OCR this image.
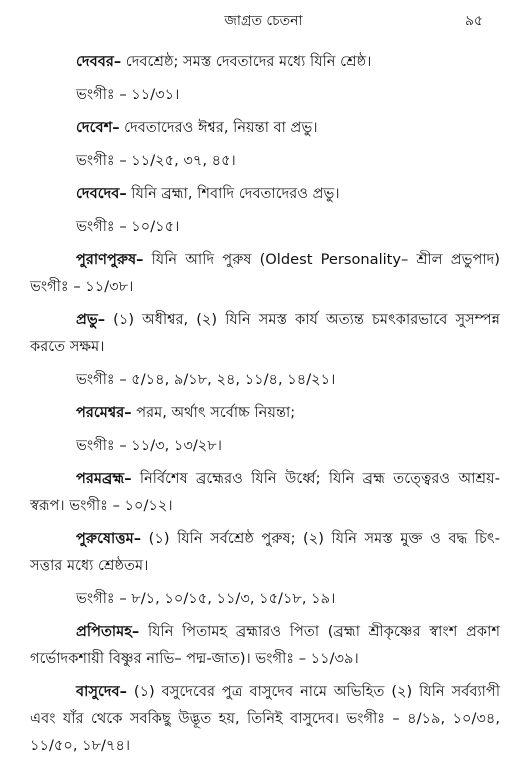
জাগ্রত চেতনা	৯৫

দেববর– দেবশ্রেষ্ঠ; সমস্ত দেবতাদের মধ্যে যিনি শ্রেষ্ঠ।

ভংগীঃ – ১১/৩১।

দেবেশ– দেবতাদেরও ঈশ্বর, নিয়ন্তা বা প্রভু।

ভংগীঃ – ১১/২৫, ৩৭, ৪৫।

দেবদেব– যিনি ব্রহ্মা, শিবাদি দেবতাদেরও প্রভু।

ভংগীঃ – ১০/১৫।

পুরাণপুরুষ– যিনি আদি পুরুষ (Oldest Personality– শ্রীল প্রভুপাদ) ভংগীঃ – ১১/৩৮।

প্রভু– (১) অধীশ্বর, (২) যিনি সমস্ত কার্য অত্যন্ত চমৎকারভাবে সুসম্পন্ন করতে সক্ষম।

ভংগীঃ – ৫/১৪, ৯/১৮, ২৪, ১১/৪, ১৪/২১।

পরমেশ্বর– পরম, অর্থাৎ সর্বোচ্চ নিয়ন্তা;

ভংগীঃ – ১১/৩, ১৩/২৮।

পরমব্রহ্ম– নির্বিশেষ ব্রহ্মেরও যিনি উর্ধ্বে; যিনি ব্রহ্ম তত্ত্বেরও আশ্রয়-স্বরূপ। ভংগীঃ – ১০/১২।

পুরুষোত্তম– (১) যিনি সর্বশ্রেষ্ঠ পুরুষ; (২) যিনি সমস্ত মুক্ত ও বদ্ধ চিৎ-সত্তার মধ্যে শ্রেষ্ঠতম।

ভংগীঃ – ৮/১, ১০/১৫, ১১/৩, ১৫/১৮, ১৯।

প্রপিতামহ– যিনি পিতামহ ব্রহ্মারও পিতা (ব্রহ্মা শ্রীকৃষ্ণের স্বাংশ প্রকাশ গর্ভোদকশায়ী বিষ্ণুর নাভি– পদ্ম-জাত)। ভংগীঃ – ১১/৩৯।

বাসুদেব– (১) বসুদেবের পুত্র বাসুদেব নামে অভিহিত (২) যিনি সর্বব্যাপী এবং যাঁর থেকে সবকিছু উদ্ভূত হয়, তিনিই বাসুদেব। ভংগীঃ – ৪/১৯, ১০/৩৪, ১১/৫০, ১৮/৭৪।
